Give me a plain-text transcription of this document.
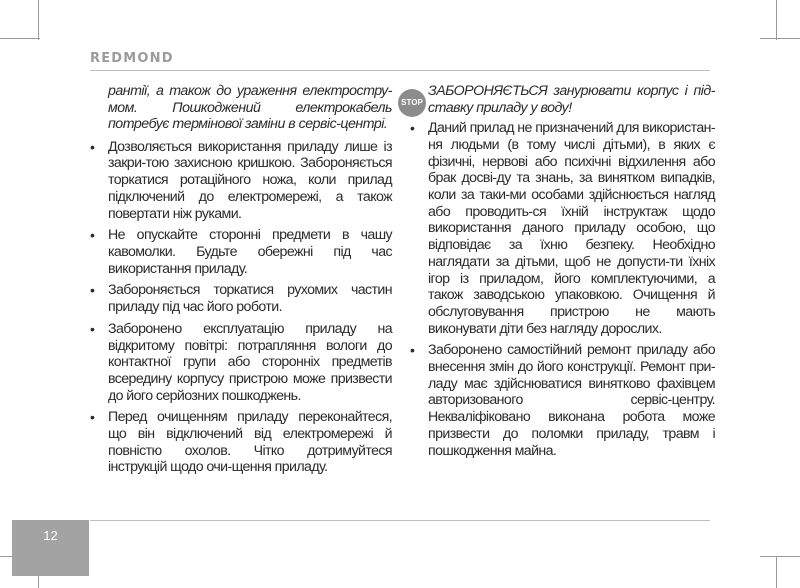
REDMOND

рантії, а також до ураження електростру-мом. Пошкоджений електрокабель потребує термінової заміни в сервіс-центрі.

• Дозволяється використання приладу лише із закри-тою захисною кришкою. Забороняється торкатися ротаційного ножа, коли прилад підключений до електромережі, а також повертати ніж руками.
• Не опускайте сторонні предмети в чашу кавомолки. Будьте обережні під час використання приладу.
• Забороняється торкатися рухомих частин приладу під час його роботи.
• Заборонено експлуатацію приладу на відкритому повітрі: потрапляння вологи до контактної групи або сторонніх предметів всередину корпусу пристрою може призвести до його серйозних пошкоджень.
• Перед очищенням приладу переконайтеся, що він відключений від електромережі й повністю охолов. Чітко дотримуйтеся інструкцій щодо очи-щення приладу.
STOP
ЗАБОРОНЯЄТЬСЯ занурювати корпус і під-ставку приладу у воду!
• Даний прилад не призначений для використан-ня людьми (в тому числі дітьми), в яких є фізичні, нервові або психічні відхилення або брак досві-ду та знань, за винятком випадків, коли за таки-ми особами здійснюється нагляд або проводить-ся їхній інструктаж щодо використання даного приладу особою, що відповідає за їхню безпеку. Необхідно наглядати за дітьми, щоб не допусти-ти їхніх ігор із приладом, його комплектуючими, а також заводською упаковкою. Очищення й обслуговування пристрою не мають виконувати діти без нагляду дорослих.
• Заборонено самостійний ремонт приладу або внесення змін до його конструкції. Ремонт при-ладу має здійснюватися винятково фахівцем авторизованого сервіс-центру. Некваліфіковано виконана робота може призвести до поломки приладу, травм і пошкодження майна.
12
